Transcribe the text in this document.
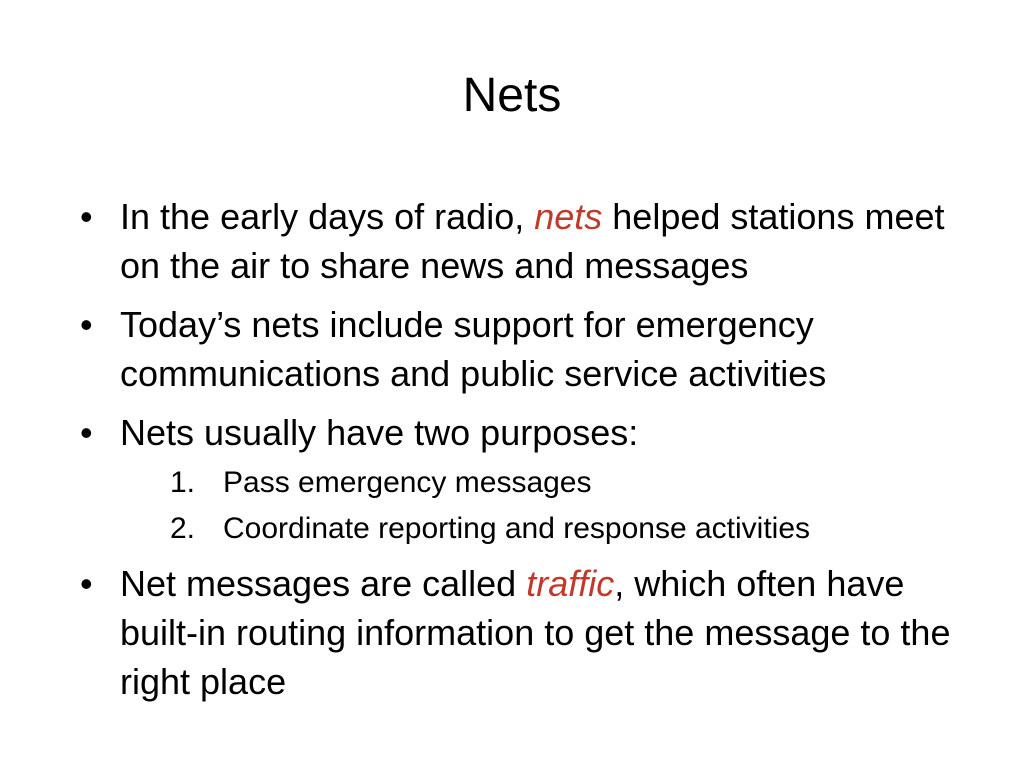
Nets
• In the early days of radio, nets helped stations meet on the air to share news and messages
• Today’s nets include support for emergency communications and public service activities
• Nets usually have two purposes:
1. Pass emergency messages
2. Coordinate reporting and response activities
• Net messages are called traffic, which often have built-in routing information to get the message to the right place
